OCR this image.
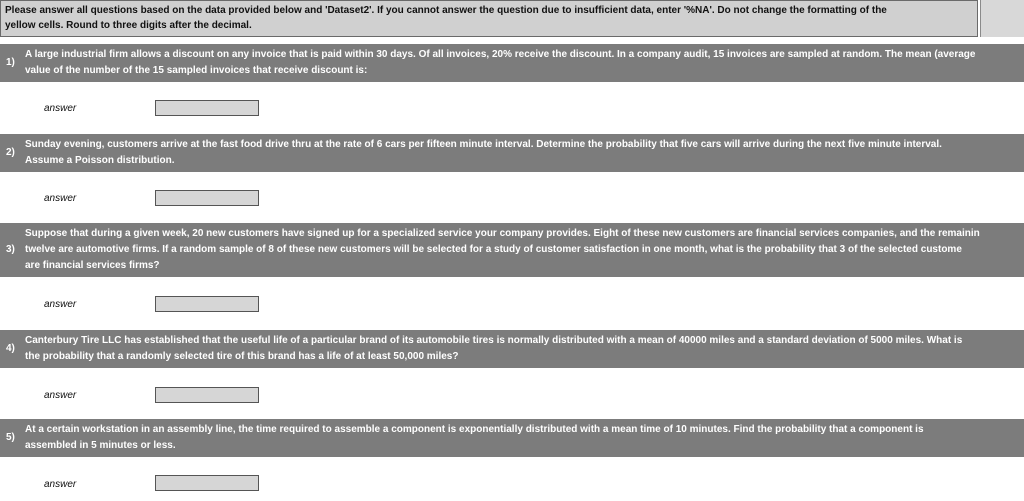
Please answer all questions based on the data provided below and 'Dataset2'. If you cannot answer the question due to insufficient data, enter '%NA'. Do not change the formatting of the
yellow cells. Round to three digits after the decimal.
1)
A large industrial firm allows a discount on any invoice that is paid within 30 days. Of all invoices, 20% receive the discount. In a company audit, 15 invoices are sampled at random. The mean (average
value of the number of the 15 sampled invoices that receive discount is:
answer
2)
Sunday evening, customers arrive at the fast food drive thru at the rate of 6 cars per fifteen minute interval. Determine the probability that five cars will arrive during the next five minute interval.
Assume a Poisson distribution.
answer
3)
Suppose that during a given week, 20 new customers have signed up for a specialized service your company provides. Eight of these new customers are financial services companies, and the remainin
twelve are automotive firms. If a random sample of 8 of these new customers will be selected for a study of customer satisfaction in one month, what is the probability that 3 of the selected custome
are financial services firms?
answer
4)
Canterbury Tire LLC has established that the useful life of a particular brand of its automobile tires is normally distributed with a mean of 40000 miles and a standard deviation of 5000 miles. What is
the probability that a randomly selected tire of this brand has a life of at least 50,000 miles?
answer
5)
At a certain workstation in an assembly line, the time required to assemble a component is exponentially distributed with a mean time of 10 minutes. Find the probability that a component is
assembled in 5 minutes or less.
answer
